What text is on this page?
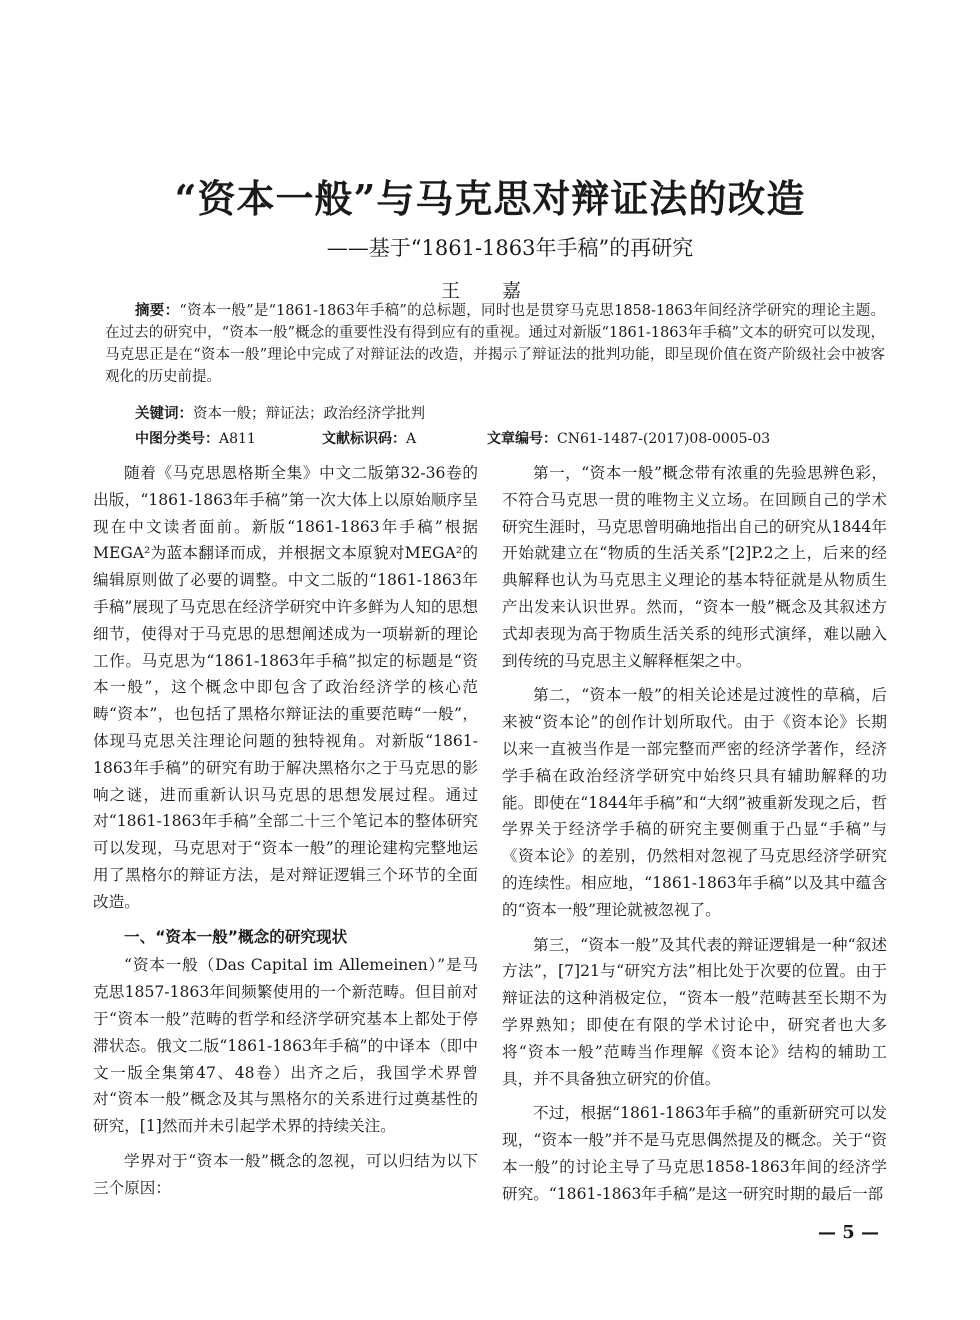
“资本一般”与马克思对辩证法的改造
——基于“1861-1863年手稿”的再研究
王 嘉

摘要：“资本一般”是“1861-1863年手稿”的总标题，同时也是贯穿马克思1858-1863年间经济学研究的理论主题。在过去的研究中，“资本一般”概念的重要性没有得到应有的重视。通过对新版“1861-1863年手稿”文本的研究可以发现，马克思正是在“资本一般”理论中完成了对辩证法的改造，并揭示了辩证法的批判功能，即呈现价值在资产阶级社会中被客观化的历史前提。

关键词：资本一般；辩证法；政治经济学批判
中图分类号：A811	文献标识码：A	文章编号：CN61-1487-(2017)08-0005-03

随着《马克思恩格斯全集》中文二版第32-36卷的出版，“1861-1863年手稿”第一次大体上以原始顺序呈现在中文读者面前。新版“1861-1863年手稿”根据MEGA²为蓝本翻译而成，并根据文本原貌对MEGA²的编辑原则做了必要的调整。中文二版的“1861-1863年手稿”展现了马克思在经济学研究中许多鲜为人知的思想细节，使得对于马克思的思想阐述成为一项崭新的理论工作。马克思为“1861-1863年手稿”拟定的标题是“资本一般”，这个概念中即包含了政治经济学的核心范畴“资本”，也包括了黑格尔辩证法的重要范畴“一般”，体现马克思关注理论问题的独特视角。对新版“1861-1863年手稿”的研究有助于解决黑格尔之于马克思的影响之谜，进而重新认识马克思的思想发展过程。通过对“1861-1863年手稿”全部二十三个笔记本的整体研究可以发现，马克思对于“资本一般”的理论建构完整地运用了黑格尔的辩证方法，是对辩证逻辑三个环节的全面改造。

一、“资本一般”概念的研究现状

“资本一般（Das Capital im Allemeinen）”是马克思1857-1863年间频繁使用的一个新范畴。但目前对于“资本一般”范畴的哲学和经济学研究基本上都处于停滞状态。俄文二版“1861-1863年手稿”的中译本（即中文一版全集第47、48卷）出齐之后，我国学术界曾对“资本一般”概念及其与黑格尔的关系进行过奠基性的研究，[1]然而并未引起学术界的持续关注。

学界对于“资本一般”概念的忽视，可以归结为以下三个原因：

第一，“资本一般”概念带有浓重的先验思辨色彩，不符合马克思一贯的唯物主义立场。在回顾自己的学术研究生涯时，马克思曾明确地指出自己的研究从1844年开始就建立在“物质的生活关系”[2]P.2之上，后来的经典解释也认为马克思主义理论的基本特征就是从物质生产出发来认识世界。然而，“资本一般”概念及其叙述方式却表现为高于物质生活关系的纯形式演绎，难以融入到传统的马克思主义解释框架之中。

第二，“资本一般”的相关论述是过渡性的草稿，后来被“资本论”的创作计划所取代。由于《资本论》长期以来一直被当作是一部完整而严密的经济学著作，经济学手稿在政治经济学研究中始终只具有辅助解释的功能。即使在“1844年手稿”和“大纲”被重新发现之后，哲学界关于经济学手稿的研究主要侧重于凸显“手稿”与《资本论》的差别，仍然相对忽视了马克思经济学研究的连续性。相应地，“1861-1863年手稿”以及其中蕴含的“资本一般”理论就被忽视了。

第三，“资本一般”及其代表的辩证逻辑是一种“叙述方法”，[7]21与“研究方法”相比处于次要的位置。由于辩证法的这种消极定位，“资本一般”范畴甚至长期不为学界熟知；即使在有限的学术讨论中，研究者也大多将“资本一般”范畴当作理解《资本论》结构的辅助工具，并不具备独立研究的价值。

不过，根据“1861-1863年手稿”的重新研究可以发现，“资本一般”并不是马克思偶然提及的概念。关于“资本一般”的讨论主导了马克思1858-1863年间的经济学研究。“1861-1863年手稿”是这一研究时期的最后一部

— 5 —
